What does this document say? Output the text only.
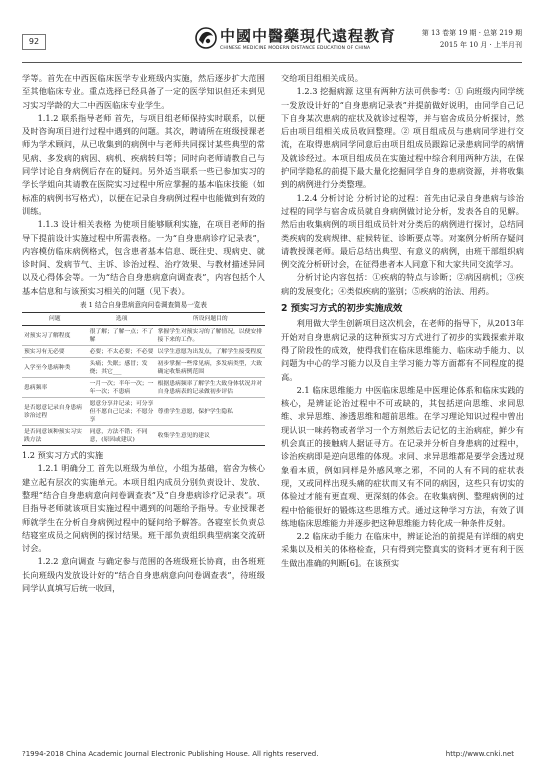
92	中國中醫藥現代遠程教育
CHINESE MEDICINE MODERN DISTANCE EDUCATION OF CHINA
第 13 卷第 19 期 · 总第 219 期
2015 年 10 月 · 上半月刊

学等。首先在中西医临床医学专业班级内实施，然后逐步扩大范围至其他临床专业。重点选择已经具备了一定的医学知识但还未到见习实习学龄的大二中西医临床专业学生。

1.1.2 联系指导老师 首先，与项目组老师保持实时联系，以便及时咨询项目进行过程中遇到的问题。其次，聘请所在班级授课老师为学术顾问，从已收集到的病例中与老师共同探讨某些典型的常见病、多发病的病因、病机、疾病转归等；同时向老师请教自己与同学讨论自身病例后存在的疑问。另外适当联系一些已参加实习的学长学姐向其请教在医院实习过程中所应掌握的基本临床技能（如标准的病例书写格式），以便在记录自身病例过程中也能做到有效的训练。

1.1.3 设计相关表格 为使项目能够顺利实施，在项目老师的指导下提前设计实施过程中所需表格。一为“自身患病诊疗记录表”，内容模仿临床病例格式，包含患者基本信息、既往史、现病史、就诊时间、发病节气、主诉、诊治过程、治疗效果、与教材描述异同以及心得体会等。一为“结合自身患病意向调查表”，内容包括个人基本信息和与该预实习相关的问题（见下表）。

表 1 结合自身患病意向问卷调查简易一览表
问题	选项	所设问题目的
对预实习了解程度	很了解；了解一点；不了解	掌握学生对预实习的了解情况，以便安排接下来的工作。
预实习有无必要	必要；不太必要；不必要	以学生意愿为出发点，了解学生接受程度
入学至今患病种类	头痛；失眠；感冒；发烧；其它___	初步掌握一些常见病，多发病类型，大致确定收集病例范围
患病频率	一月一次；半年一次；一年一次；不患病	根据患病频率了解学生大致身体状况并对自身患病表的记录做初步评估
是否愿意记录自身患病诊治过程	愿意分享并记录；可分享但不愿自己记录；不愿分享	尊重学生意愿，保护学生隐私
是否同意该种预实习实践方法	同意，方法不错；不同意，(原因或建议)	收集学生意见的建议

1.2 预实习方式的实施

1.2.1 明确分工 首先以班级为单位，小组为基础，宿舍为核心建立起有层次的实施单元。本项目组内成员分别负责设计、发放、整理“结合自身患病意向问卷调查表”及“自身患病诊疗记录表”。项目指导老师就该项目实施过程中遇到的问题给予指导。专业授课老师就学生在分析自身病例过程中的疑问给予解答。各寝室长负责总结寝室成员之间病例的探讨结果。班干部负责组织典型病案交流研讨会。

1.2.2 意向调查 与确定参与范围的各班级班长协商，由各班班长向班级内发放设计好的“结合自身患病意向问卷调查表”，待班级同学认真填写后统一收回，

交给项目组相关成员。

1.2.3 挖掘病源 这里有两种方法可供参考：① 向班级内同学统一发放设计好的“自身患病记录表”并提前做好说明，由同学自己记下自身某次患病的症状及就诊过程等，并与宿舍成员分析探讨，然后由项目组相关成员收回整理。② 项目组成员与患病同学进行交流，在取得患病同学同意后由项目组成员跟踪记录患病同学的病情及就诊经过。本项目组成员在实施过程中综合利用两种方法，在保护同学隐私的前提下最大量化挖掘同学自身的患病资源，并将收集到的病例进行分类整理。

1.2.4 分析讨论 分析讨论的过程：首先由记录自身患病与诊治过程的同学与宿舍成员就自身病例做讨论分析，发表各自的见解。然后由收集病例的项目组成员针对分类后的病例进行探讨，总结同类疾病的发病规律、症候转征、诊断要点等。对案例分析所存疑问请教授课老师。最后总结出典型、有意义的病例，由班干部组织病例交流分析研讨会，在征得患者本人同意下和大家共同交流学习。

分析讨论内容包括：①疾病的特点与诊断；②病因病机；③疾病的发展变化；④类似疾病的鉴别；⑤疾病的治法、用药。

2 预实习方式的初步实施成效

利用做大学生创新项目这次机会，在老师的指导下，从2013年开始对自身患病记录的这种预实习方式进行了初步的实践探索并取得了阶段性的成效，使得我们在临床思维能力、临床动手能力、以问题为中心的学习能力以及自主学习能力等方面都有不同程度的提高。

2.1 临床思维能力 中医临床思维是中医理论体系和临床实践的核心，是辨证论治过程中不可或缺的，其包括逆向思维、求同思维、求异思维、渗透思维和超前思维。在学习理论知识过程中曾出现认识一味药物或者学习一个方剂然后去记忆的主治病症，鲜少有机会真正的接触病人据证寻方。在记录并分析自身患病的过程中，诊治疾病即是逆向思维的体现。求同、求异思维都是要学会透过现象看本质，例如同样是外感风寒之邪，不同的人有不同的症状表现，又或同样出现头痛的症状而又有不同的病因，这些只有切实的体验过才能有更直观、更深刻的体会。在收集病例、整理病例的过程中恰能很好的锻炼这些思维方式。通过这种学习方法，有效了训练地临床思维能力并逐步把这种思维能力转化成一种条件反射。

2.2 临床动手能力 在临床中，辨证论治的前提是有详细的病史采集以及相关的体格检查，只有得到完整真实的资料才更有利于医生做出准确的判断[6]。在该预实

?1994-2018 China Academic Journal Electronic Publishing House. All rights reserved.	http://www.cnki.net
